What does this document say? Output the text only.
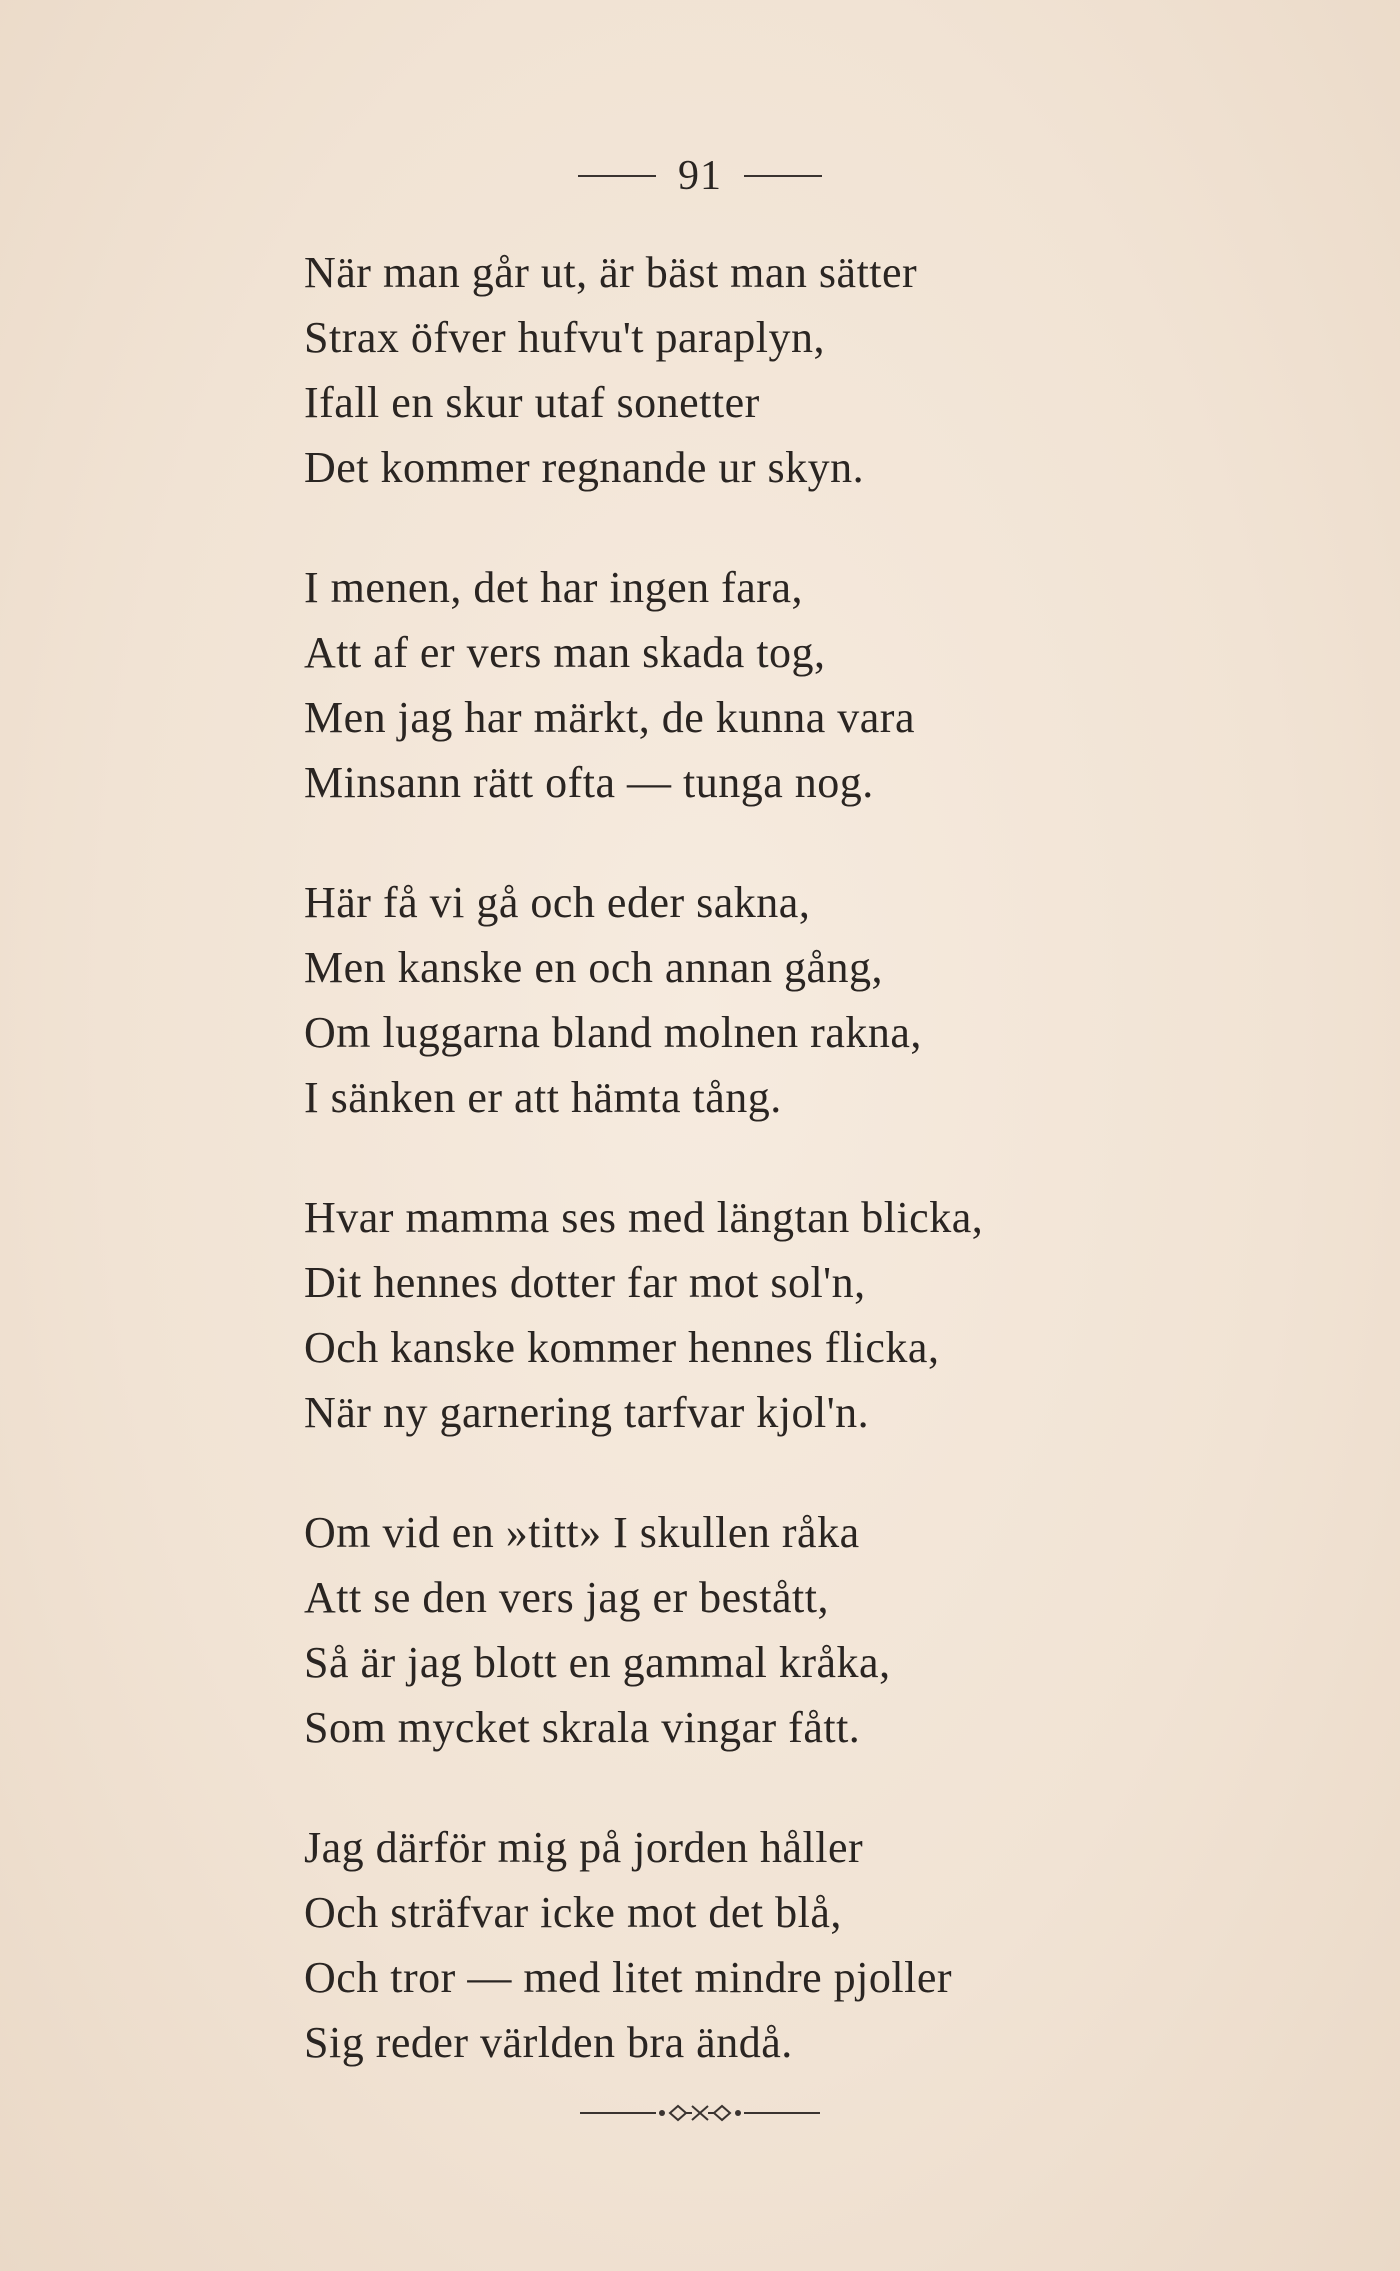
91
När man går ut, är bäst man sätter
Strax öfver hufvu't paraplyn,
Ifall en skur utaf sonetter
Det kommer regnande ur skyn.
I menen, det har ingen fara,
Att af er vers man skada tog,
Men jag har märkt, de kunna vara
Minsann rätt ofta — tunga nog.
Här få vi gå och eder sakna,
Men kanske en och annan gång,
Om luggarna bland molnen rakna,
I sänken er att hämta tång.
Hvar mamma ses med längtan blicka,
Dit hennes dotter far mot sol'n,
Och kanske kommer hennes flicka,
När ny garnering tarfvar kjol'n.
Om vid en »titt» I skullen råka
Att se den vers jag er bestått,
Så är jag blott en gammal kråka,
Som mycket skrala vingar fått.
Jag därför mig på jorden håller
Och sträfvar icke mot det blå,
Och tror — med litet mindre pjoller
Sig reder världen bra ändå.
